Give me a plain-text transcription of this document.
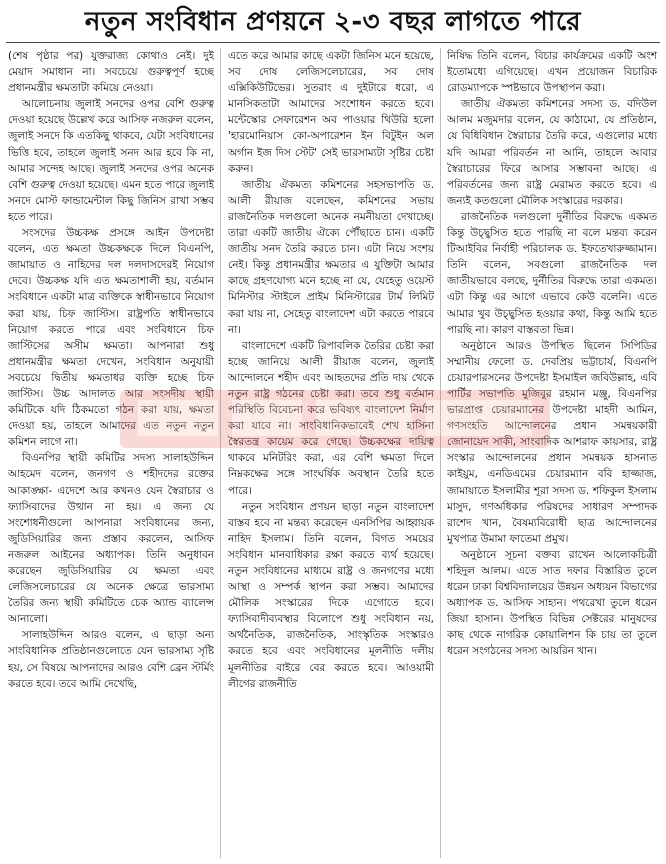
নতুন সংবিধান প্রণয়নে ২-৩ বছর লাগতে পারে

(শেষ পৃষ্ঠার পর) যুক্তরাজ্য কোথাও নেই। দুই মেয়াদ সমাধান না। সবচেয়ে গুরুত্বপূর্ণ হচ্ছে প্রধানমন্ত্রীর ক্ষমতাটা কমিয়ে নেওয়া।

আলোচনায় জুলাই সনদের ওপর বেশি গুরুত্ব দেওয়া হয়েছে উল্লেখ করে আসিফ নজরুল বলেন, জুলাই সনদে কি এতকিছু থাকবে, যেটা সংবিধানের ভিত্তি হবে, তাহলে জুলাই সনদ আর হবে কি না, আমার সন্দেহ আছে। জুলাই সনদের ওপর অনেক বেশি গুরুত্ব দেওয়া হয়েছে। এমন হতে পারে জুলাই সনদে মোস্ট ফান্ডামেন্টাল কিছু জিনিস রাখা সম্ভব হতে পারে।

সংসদের উচ্চকক্ষ প্রসঙ্গে আইন উপদেষ্টা বলেন, এত ক্ষমতা উচ্চকক্ষকে দিলে বিএনপি, জামায়াত ও নাহিদের দল দলদাসদেরই নিয়োগ দেবে। উচ্চকক্ষ যদি এত ক্ষমতাশালী হয়, বর্তমান সংবিধানে একটা মাত্র ব্যক্তিকে স্বাধীনভাবে নিয়োগ করা যায়, চিফ জাস্টিস। রাষ্ট্রপতি স্বাধীনভাবে নিয়োগ করতে পারে এবং সংবিধানে চিফ জাস্টিসের অসীম ক্ষমতা। আপনারা শুধু প্রধানমন্ত্রীর ক্ষমতা দেখেন, সংবিধান অনুযায়ী সবচেয়ে দ্বিতীয় ক্ষমতাধর ব্যক্তি হচ্ছে চিফ জাস্টিস। উচ্চ আদালত আর সংসদীয় স্থায়ী কমিটিকে যদি ঠিকমতো গঠন করা যায়, ক্ষমতা দেওয়া হয়, তাহলে আমাদের এত নতুন নতুন কমিশন লাগে না।

বিএনপির স্থায়ী কমিটির সদস্য সালাহউদ্দিন আহমেদ বলেন, জনগণ ও শহীদদের রক্তের আকাঙ্ক্ষা- এদেশে আর কখনও যেন স্বৈরাচার ও ফ্যাসিবাদের উত্থান না হয়। এ জন্য যে সংশোধনীগুলো আপনারা সংবিধানের জন্য, জুডিসিয়ারির জন্য প্রস্তাব করলেন, আসিফ নজরুল আইনের অধ্যাপক। তিনি অনুধাবন করেছেন জুডিসিয়ারির যে ক্ষমতা এবং লেজিসলেচারের যে অনেক ক্ষেত্রে ভারসাম্য তৈরির জন্য স্থায়ী কমিটিতে চেক অ্যান্ড ব্যালেন্স আনালো।

সালাহউদ্দিন আরও বলেন, এ ছাড়া অন্য সাংবিধানিক প্রতিষ্ঠানগুলোতে যেন ভারসাম্য সৃষ্টি হয়, সে বিষয়ে আপনাদের আরও বেশি ব্রেন স্টর্মিং করতে হবে। তবে আমি দেখেছি,

এতে করে আমার কাছে একটা জিনিস মনে হয়েছে, সব দোষ লেজিসলেচারের, সব দোষ এক্সিকিউটিভের। সুতরাং এ দুইটারে ধরো, এ মানসিকতাটা আমাদের সংশোধন করতে হবে। মন্টেস্কোর সেফারেশন অব পাওয়ার থিউরি হলো 'হারমোনিয়াস কো-অপারেশন ইন বিটুইন অল অর্গান ইজ দিস স্টেট' সেই ভারসাম্যটা সৃষ্টির চেষ্টা করুন।

জাতীয় ঐকমত্য কমিশনের সহসভাপতি ড. আলী রীয়াজ বলেছেন, কমিশনের সভায় রাজনৈতিক দলগুলো অনেক নমনীয়তা দেখাচ্ছে। তারা একটি জাতীয় ঐক্যে পৌঁছাতে চান। একটি জাতীয় সনদ তৈরি করতে চান। এটা নিয়ে সংশয় নেই। কিন্তু প্রধানমন্ত্রীর ক্ষমতার এ যুক্তিটা আমার কাছে গ্রহণযোগ্য মনে হচ্ছে না যে, যেহেতু ওয়েস্ট মিনিস্টার স্টাইলে প্রাইম মিনিস্টারের টার্ম লিমিট করা যায় না, সেহেতু বাংলাদেশ এটা করতে পারবে না।

বাংলাদেশে একটি রিপাবলিক তৈরির চেষ্টা করা হচ্ছে জানিয়ে আলী রীয়াজ বলেন, জুলাই আন্দোলনে শহীদ এবং আহতদের প্রতি দায় থেকে নতুন রাষ্ট্র গঠনের চেষ্টা করা। তবে শুধু বর্তমান পরিস্থিতি বিবেচনা করে ভবিষ্যৎ বাংলাদেশ নির্মাণ করা যাবে না। সাংবিধানিকভাবেই শেখ হাসিনা স্বৈরতন্ত্র কায়েম করে গেছে। উচ্চকক্ষের দায়িত্ব থাকবে মনিটরিং করা, এর বেশি ক্ষমতা দিলে নিম্নকক্ষের সঙ্গে সাংঘর্ষিক অবস্থান তৈরি হতে পারে।

নতুন সংবিধান প্রণয়ন ছাড়া নতুন বাংলাদেশ বাস্তব হবে না মন্তব্য করেছেন এনসিপির আহ্বায়ক নাহিদ ইসলাম। তিনি বলেন, বিগত সময়ের সংবিধান মানবাধিকার রক্ষা করতে ব্যর্থ হয়েছে। নতুন সংবিধানের মাধ্যমে রাষ্ট্র ও জনগণের মধ্যে আস্থা ও সম্পর্ক স্থাপন করা সম্ভব। আমাদের মৌলিক সংস্কারের দিকে এগোতে হবে। ফ্যাসিবাদীব্যবস্থার বিলোপে শুধু সংবিধান নয়, অর্থনৈতিক, রাজনৈতিক, সাংস্কৃতিক সংস্কারও করতে হবে এবং সংবিধানের মূলনীতি দলীয় মূলনীতির বাইরে বের করতে হবে। আওয়ামী লীগের রাজনীতি

নিষিদ্ধ তিনি বলেন, বিচার কার্যক্রমের একটি অংশ ইতোমধ্যে এগিয়েছে। এখন প্রয়োজন বিচারিক রোডম্যাপকে স্পষ্টভাবে উপস্থাপন করা।

জাতীয় ঐকমত্য কমিশনের সদস্য ড. বদিউল আলম মজুমদার বলেন, যে কাঠামো, যে প্রতিষ্ঠান, যে বিধিবিধান স্বৈরাচার তৈরি করে, এগুলোর মধ্যে যদি আমরা পরিবর্তন না আনি, তাহলে আবার স্বৈরাচারের ফিরে আসার সম্ভাবনা আছে। এ পরিবর্তনের জন্য রাষ্ট্র মেরামত করতে হবে। এ জন্যই কতগুলো মৌলিক সংস্কারের দরকার।

রাজনৈতিক দলগুলো দুর্নীতির বিরুদ্ধে একমত কিন্তু উচ্ছ্বসিত হতে পারছি না বলে মন্তব্য করেন টিআইবির নির্বাহী পরিচালক ড. ইফতেখারুজ্জামান। তিনি বলেন, সবগুলো রাজনৈতিক দল জাতীয়ভাবে বলছে, দুর্নীতির বিরুদ্ধে তারা একমত। এটা কিন্তু এর আগে এভাবে কেউ বলেনি। এতে আমার খুব উচ্ছ্বসিত হওয়ার কথা, কিন্তু আমি হতে পারছি না। কারণ বাস্তবতা ভিন্ন।

অনুষ্ঠানে আরও উপস্থিত ছিলেন সিপিডির সম্মানীয় ফেলো ড. দেবপ্রিয় ভট্টাচার্য, বিএনপি চেয়ারপারসনের উপদেষ্টা ইসমাইল জবিউল্লাহ, এবি পার্টির সভাপতি মুজিবুর রহমান মঞ্জু, বিএনপির ভারপ্রাপ্ত চেয়ারম্যানের উপদেষ্টা মাহদী আমিন, গণসংহতি আন্দোলনের প্রধান সমন্বয়কারী জোনায়েদ সাকী, সাংবাদিক আশরাফ কায়সার, রাষ্ট্র সংস্কার আন্দোলনের প্রধান সমন্বয়ক হাসনাত কাইয়ুম, এনডিএমের চেয়ারম্যান ববি হাজ্জাজ, জামায়াতে ইসলামীর শূরা সদস্য ড. শফিকুল ইসলাম মাসুদ, গণঅধিকার পরিষদের সাধারণ সম্পাদক রাশেদ খান, বৈষম্যবিরোধী ছাত্র আন্দোলনের মুখপাত্র উমামা ফাতেমা প্রমুখ।

অনুষ্ঠানে সূচনা বক্তব্য রাখেন আলোকচিত্রী শহিদুল আলম। এতে সাত দফার বিস্তারিত তুলে ধরেন ঢাকা বিশ্ববিদ্যালয়ের উন্নয়ন অধ্যয়ন বিভাগের অধ্যাপক ড. আসিফ সাহান। পথরেখা তুলে ধরেন জিয়া হাসান। উপস্থিত বিভিন্ন সেক্টরের মানুষদের কাছ থেকে নাগরিক কোয়ালিশন কি চায় তা তুলে ধরেন সংগঠনের সদস্য আয়রিন খান।
